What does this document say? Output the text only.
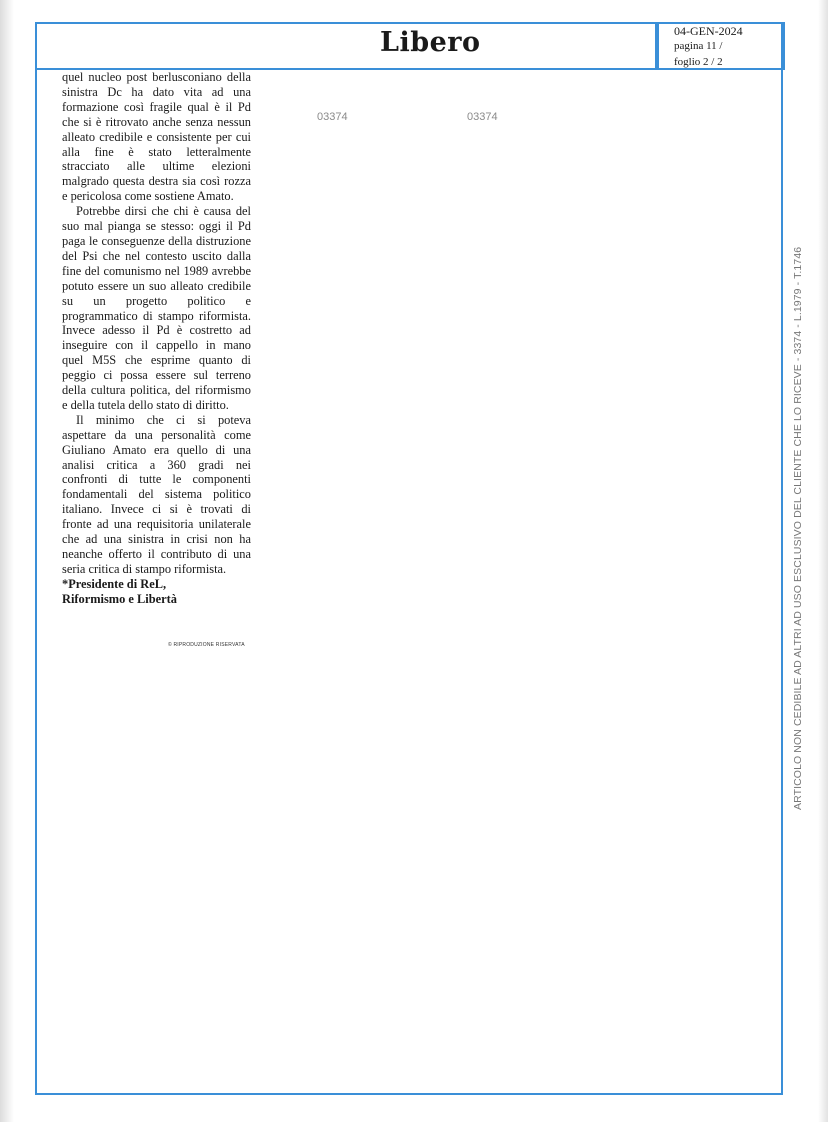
Libero	04-GEN-2024
pagina 11 /
foglio 2 / 2
03374	03374

quel nucleo post berlusconiano della sinistra Dc ha dato vita ad una formazione così fragile qual è il Pd che si è ritrovato anche senza nessun alleato credibile e consistente per cui alla fine è stato letteralmente stracciato alle ultime elezioni malgrado questa destra sia così rozza e pericolosa come sostiene Amato.

Potrebbe dirsi che chi è causa del suo mal pianga se stesso: oggi il Pd paga le conseguenze della distruzione del Psi che nel contesto uscito dalla fine del comunismo nel 1989 avrebbe potuto essere un suo alleato credibile su un progetto politico e programmatico di stampo riformista. Invece adesso il Pd è costretto ad inseguire con il cappello in mano quel M5S che esprime quanto di peggio ci possa essere sul terreno della cultura politica, del riformismo e della tutela dello stato di diritto.

Il minimo che ci si poteva aspettare da una personalità come Giuliano Amato era quello di una analisi critica a 360 gradi nei confronti di tutte le componenti fondamentali del sistema politico italiano. Invece ci si è trovati di fronte ad una requisitoria unilaterale che ad una sinistra in crisi non ha neanche offerto il contributo di una seria critica di stampo riformista.

*Presidente di ReL,

Riformismo e Libertà

© RIPRODUZIONE RISERVATA	ARTICOLO NON CEDIBILE AD ALTRI AD USO ESCLUSIVO DEL CLIENTE CHE LO RICEVE - 3374 - L.1979 - T.1746
